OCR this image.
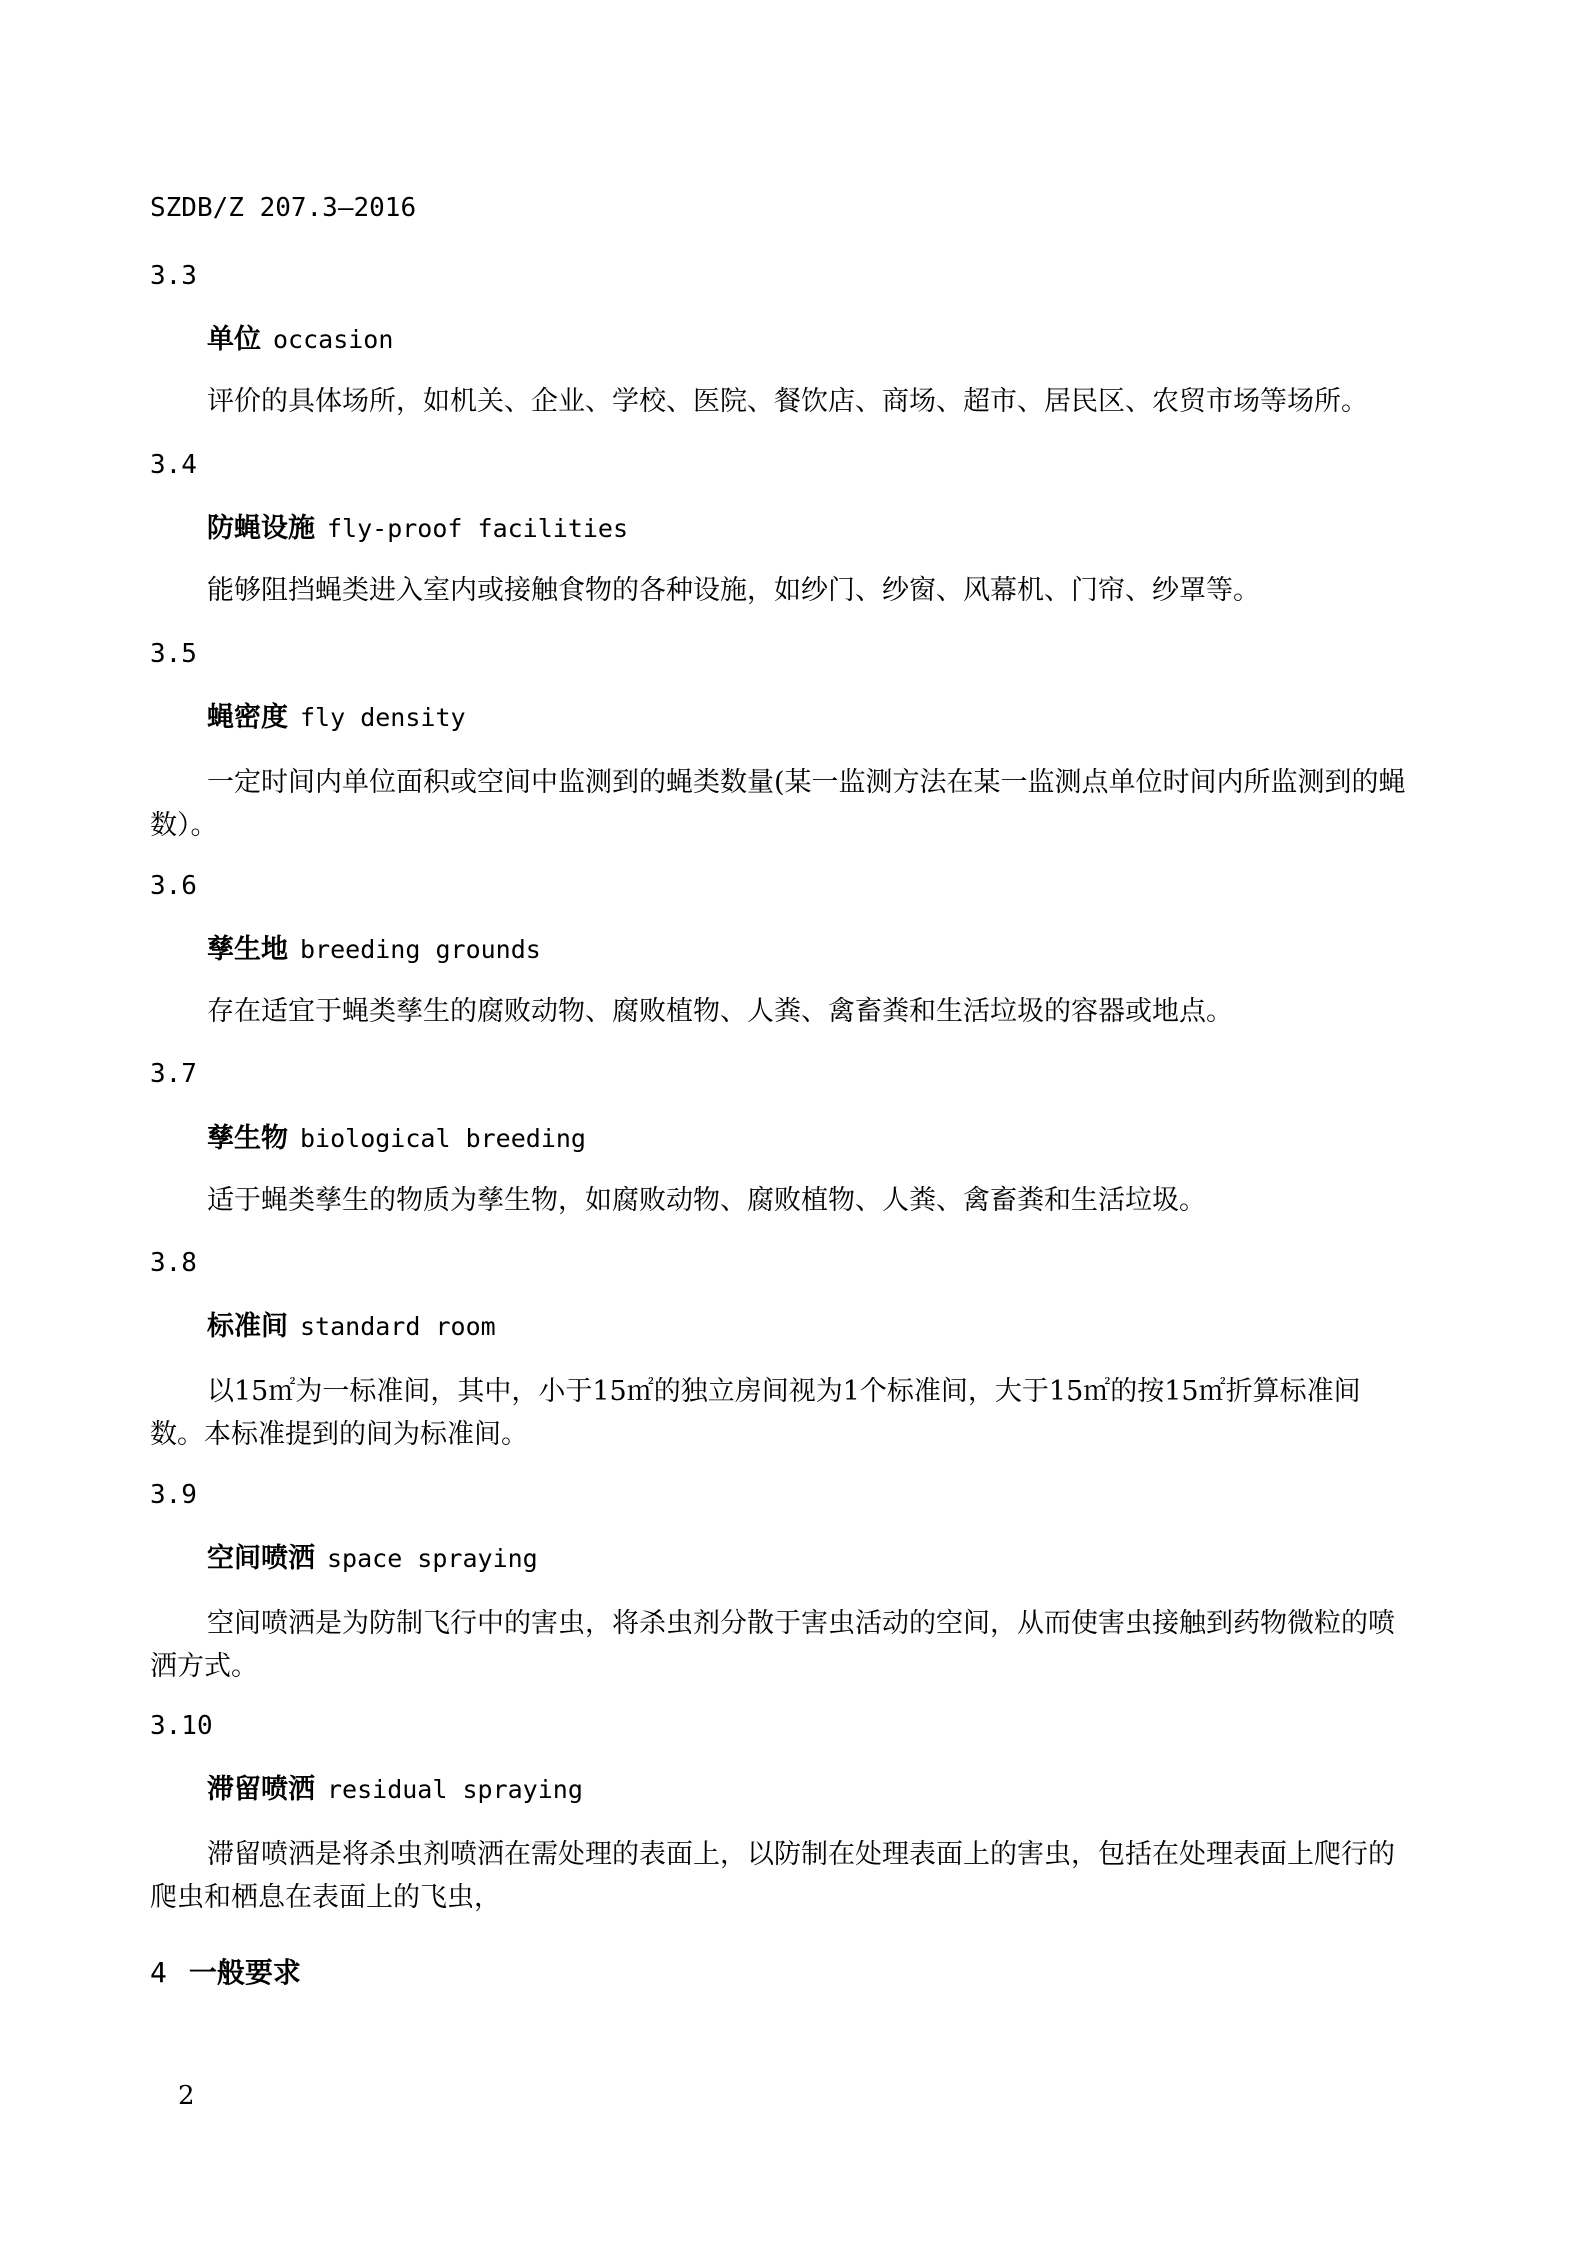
SZDB/Z 207.3—2016
3.3
单位 occasion
评价的具体场所，如机关、企业、学校、医院、餐饮店、商场、超市、居民区、农贸市场等场所。
3.4
防蝇设施 fly-proof facilities
能够阻挡蝇类进入室内或接触食物的各种设施，如纱门、纱窗、风幕机、门帘、纱罩等。
3.5
蝇密度 fly density
一定时间内单位面积或空间中监测到的蝇类数量(某一监测方法在某一监测点单位时间内所监测到的蝇数）。
3.6
孳生地 breeding grounds
存在适宜于蝇类孳生的腐败动物、腐败植物、人粪、禽畜粪和生活垃圾的容器或地点。
3.7
孳生物 biological breeding
适于蝇类孳生的物质为孳生物，如腐败动物、腐败植物、人粪、禽畜粪和生活垃圾。
3.8
标准间 standard room
以15㎡为一标准间，其中，小于15㎡的独立房间视为1个标准间，大于15㎡的按15㎡折算标准间数。本标准提到的间为标准间。
3.9
空间喷洒 space spraying
空间喷洒是为防制飞行中的害虫，将杀虫剂分散于害虫活动的空间，从而使害虫接触到药物微粒的喷洒方式。
3.10
滞留喷洒 residual spraying
滞留喷洒是将杀虫剂喷洒在需处理的表面上，以防制在处理表面上的害虫，包括在处理表面上爬行的爬虫和栖息在表面上的飞虫，
4 一般要求
2
